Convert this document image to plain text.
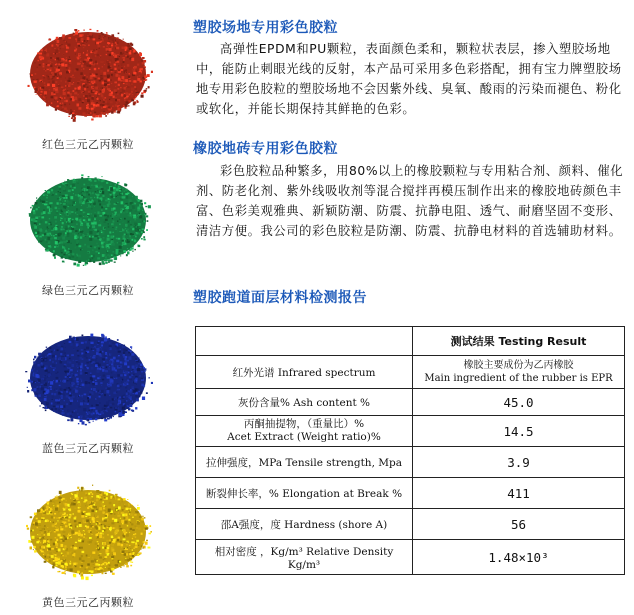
红色三元乙丙颗粒
绿色三元乙丙颗粒
蓝色三元乙丙颗粒
黄色三元乙丙颗粒
塑胶场地专用彩色胶粒
高弹性EPDM和PU颗粒，表面颜色柔和，颗粒状表层，掺入塑胶场地中，能防止刺眼光线的反射，本产品可采用多色彩搭配，拥有宝力牌塑胶场地专用彩色胶粒的塑胶场地不会因紫外线、臭氧、酸雨的污染而褪色、粉化或软化，并能长期保持其鲜艳的色彩。
橡胶地砖专用彩色胶粒
彩色胶粒品种繁多，用80%以上的橡胶颗粒与专用粘合剂、颜料、催化剂、防老化剂、紫外线吸收剂等混合搅拌再模压制作出来的橡胶地砖颜色丰富、色彩美观雅典、新颖防潮、防震、抗静电阻、透气、耐磨坚固不变形、清洁方便。我公司的彩色胶粒是防潮、防震、抗静电材料的首选辅助材料。
塑胶跑道面层材料检测报告
	测试结果 Testing Result
红外光谱 Infrared spectrum	橡胶主要成份为乙丙橡胶
Main ingredient of the rubber is EPR

灰份含量% Ash content %	45.0

丙酮抽提物，（重量比）%
Acet Extract (Weight ratio)%	14.5
拉伸强度，MPa Tensile strength, Mpa	3.9
断裂伸长率，% Elongation at Break %	411
邵A强度，度 Hardness (shore A)	56
相对密度 ，Kg/m³ Relative Density Kg/m³	1.48×10³
